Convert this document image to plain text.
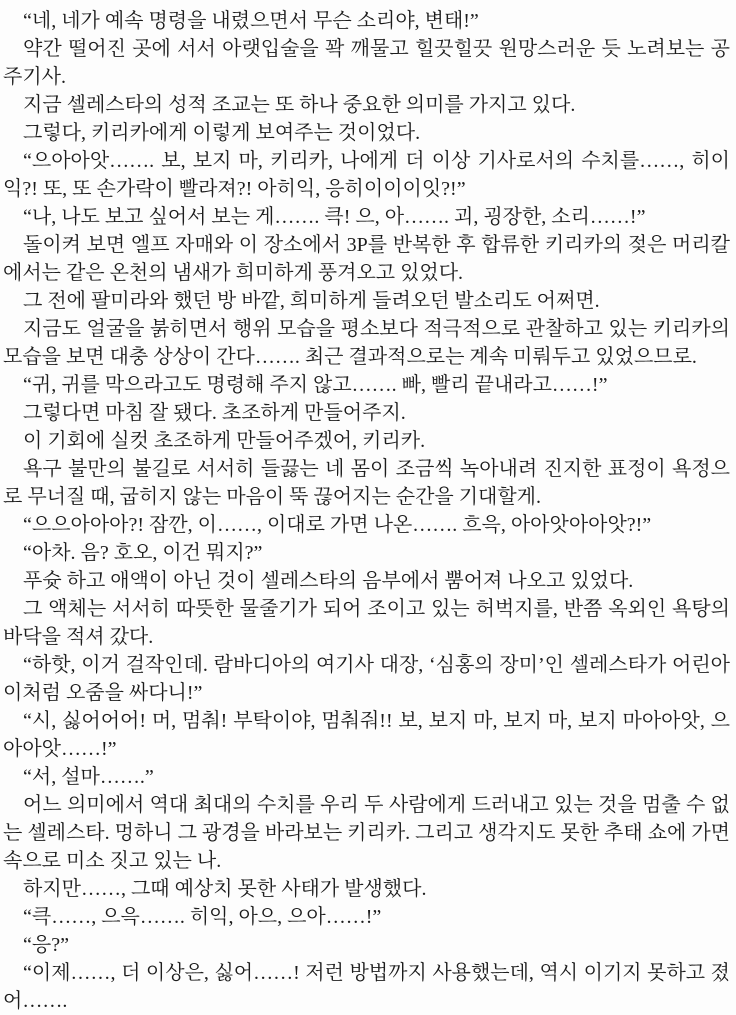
“네, 네가 예속 명령을 내렸으면서 무슨 소리야, 변태!”

약간 떨어진 곳에 서서 아랫입술을 꽉 깨물고 힐끗힐끗 원망스러운 듯 노려보는 공주기사.

지금 셀레스타의 성적 조교는 또 하나 중요한 의미를 가지고 있다.

그렇다, 키리카에게 이렇게 보여주는 것이었다.

“으아아앗……. 보, 보지 마, 키리카, 나에게 더 이상 기사로서의 수치를……, 히이익?! 또, 또 손가락이 빨라져?! 아히익, 응히이이이잇?!”

“나, 나도 보고 싶어서 보는 게……. 큭! 으, 아……. 괴, 굉장한, 소리……!”

돌이켜 보면 엘프 자매와 이 장소에서 3P를 반복한 후 합류한 키리카의 젖은 머리칼에서는 같은 온천의 냄새가 희미하게 풍겨오고 있었다.

그 전에 팔미라와 했던 방 바깥, 희미하게 들려오던 발소리도 어쩌면.

지금도 얼굴을 붉히면서 행위 모습을 평소보다 적극적으로 관찰하고 있는 키리카의 모습을 보면 대충 상상이 간다……. 최근 결과적으로는 계속 미뤄두고 있었으므로.

“귀, 귀를 막으라고도 명령해 주지 않고……. 빠, 빨리 끝내라고……!”

그렇다면 마침 잘 됐다. 초조하게 만들어주지.

이 기회에 실컷 초조하게 만들어주겠어, 키리카.

욕구 불만의 불길로 서서히 들끓는 네 몸이 조금씩 녹아내려 진지한 표정이 욕정으로 무너질 때, 굽히지 않는 마음이 뚝 끊어지는 순간을 기대할게.

“으으아아아?! 잠깐, 이……, 이대로 가면 나온……. 흐윽, 아아앗아아앗?!”

“아차. 음? 호오, 이건 뭐지?”

푸슛 하고 애액이 아닌 것이 셀레스타의 음부에서 뿜어져 나오고 있었다.

그 액체는 서서히 따뜻한 물줄기가 되어 조이고 있는 허벅지를, 반쯤 옥외인 욕탕의 바닥을 적셔 갔다.

“하핫, 이거 걸작인데. 람바디아의 여기사 대장, ‘심홍의 장미’인 셀레스타가 어린아이처럼 오줌을 싸다니!”

“시, 싫어어어! 머, 멈춰! 부탁이야, 멈춰줘!! 보, 보지 마, 보지 마, 보지 마아아앗, 으아아앗……!”

“서, 설마…….”

어느 의미에서 역대 최대의 수치를 우리 두 사람에게 드러내고 있는 것을 멈출 수 없는 셀레스타. 멍하니 그 광경을 바라보는 키리카. 그리고 생각지도 못한 추태 쇼에 가면 속으로 미소 짓고 있는 나.

하지만……, 그때 예상치 못한 사태가 발생했다.

“큭……, 으윽……. 히익, 아으, 으아……!”

“응?”

“이제……, 더 이상은, 싫어……! 저런 방법까지 사용했는데, 역시 이기지 못하고 졌어…….
